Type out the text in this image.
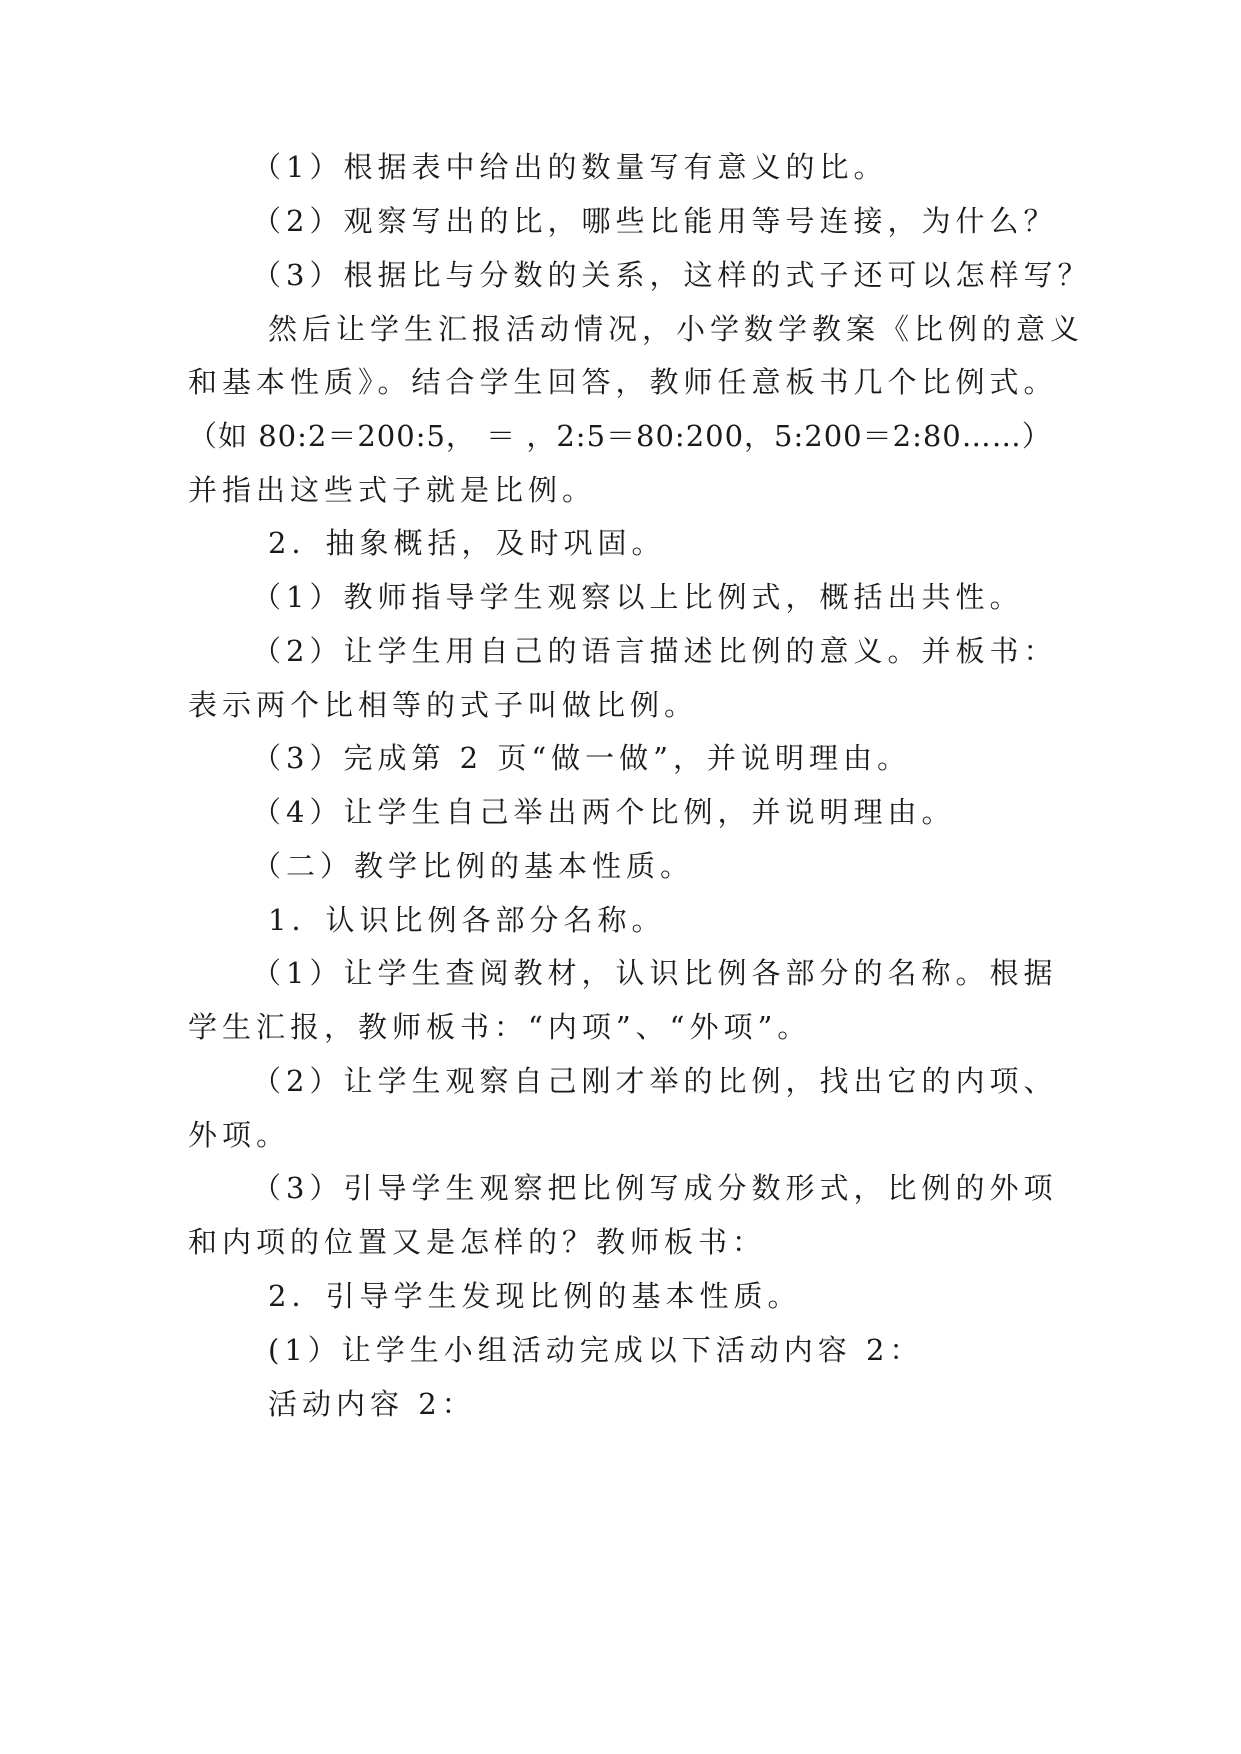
（1）根据表中给出的数量写有意义的比。
（2）观察写出的比，哪些比能用等号连接，为什么？
（3）根据比与分数的关系，这样的式子还可以怎样写？
然后让学生汇报活动情况，小学数学教案《比例的意义
和基本性质》。结合学生回答，教师任意板书几个比例式。
（如 80:2＝200:5， ＝ ，2:5＝80:200，5:200＝2:80……）
并指出这些式子就是比例。
2．抽象概括，及时巩固。
（1）教师指导学生观察以上比例式，概括出共性。
（2）让学生用自己的语言描述比例的意义。并板书：
表示两个比相等的式子叫做比例。
（3）完成第 2 页“做一做”，并说明理由。
（4）让学生自己举出两个比例，并说明理由。
（二）教学比例的基本性质。
1．认识比例各部分名称。
（1）让学生查阅教材，认识比例各部分的名称。根据
学生汇报，教师板书：“内项”、“外项”。
（2）让学生观察自己刚才举的比例，找出它的内项、
外项。
（3）引导学生观察把比例写成分数形式，比例的外项
和内项的位置又是怎样的？教师板书：
2．引导学生发现比例的基本性质。
(1）让学生小组活动完成以下活动内容 2：
活动内容 2：
